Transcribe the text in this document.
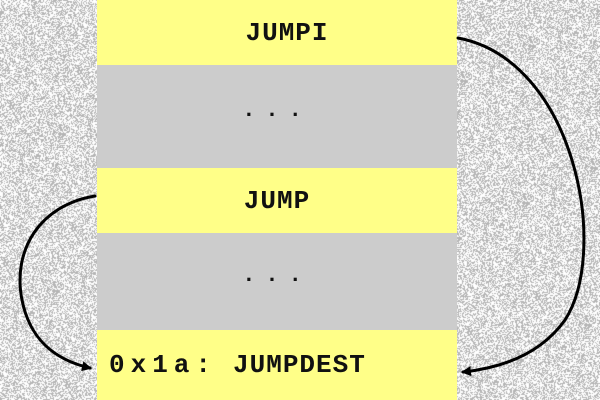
JUMPI
...
JUMP
...
0x1a: JUMPDEST
